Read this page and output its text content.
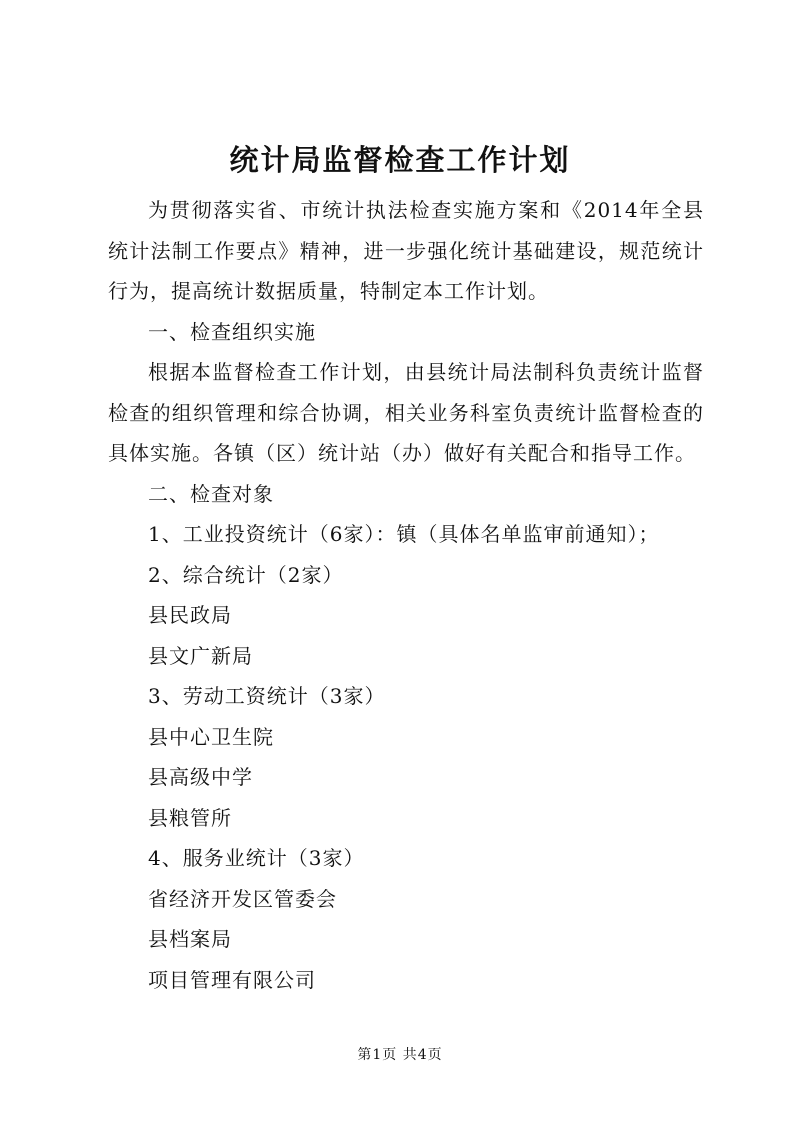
统计局监督检查工作计划

为贯彻落实省、市统计执法检查实施方案和《2014年全县统计法制工作要点》精神，进一步强化统计基础建设，规范统计行为，提高统计数据质量，特制定本工作计划。

一、检查组织实施

根据本监督检查工作计划，由县统计局法制科负责统计监督检查的组织管理和综合协调，相关业务科室负责统计监督检查的具体实施。各镇（区）统计站（办）做好有关配合和指导工作。

二、检查对象

1、工业投资统计（6家）：镇（具体名单监审前通知）；

2、综合统计（2家）

县民政局

县文广新局

3、劳动工资统计（3家）

县中心卫生院

县高级中学

县粮管所

4、服务业统计（3家）

省经济开发区管委会

县档案局

项目管理有限公司

第1页 共4页
